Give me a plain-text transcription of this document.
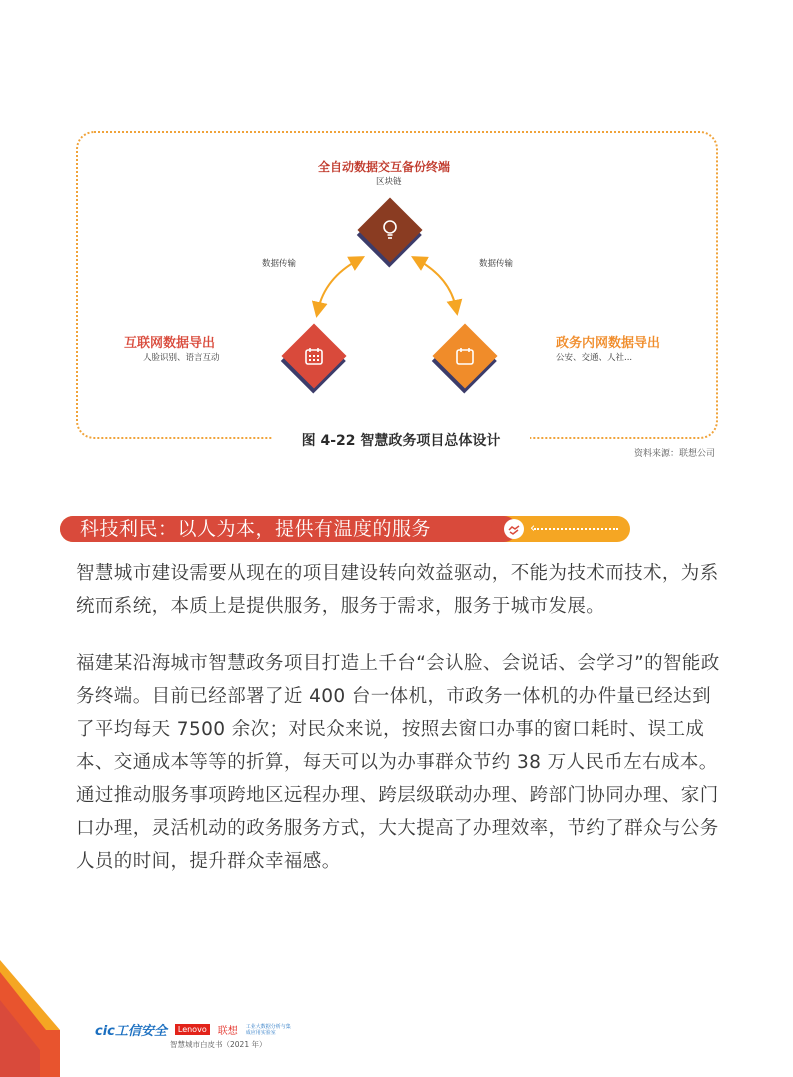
全自动数据交互备份终端
区块链
数据传输	数据传输
互联网数据导出
人脸识别、语言互动
政务内网数据导出
公安、交通、人社...
图 4-22 智慧政务项目总体设计
资料来源：联想公司
科技利民：以人为本，提供有温度的服务	‹

智慧城市建设需要从现在的项目建设转向效益驱动，不能为技术而技术，为系统而系统，本质上是提供服务，服务于需求，服务于城市发展。

福建某沿海城市智慧政务项目打造上千台“会认脸、会说话、会学习”的智能政务终端。目前已经部署了近 400 台一体机，市政务一体机的办件量已经达到了平均每天 7500 余次；对民众来说，按照去窗口办事的窗口耗时、误工成本、交通成本等等的折算，每天可以为办事群众节约 38 万人民币左右成本。通过推动服务事项跨地区远程办理、跨层级联动办理、跨部门协同办理、家门口办理，灵活机动的政务服务方式，大大提高了办理效率，节约了群众与公务人员的时间，提升群众幸福感。

57
cic工信安全	Lenovo	联想 工业大数据分析与集成应用实验室
智慧城市白皮书（2021 年）
